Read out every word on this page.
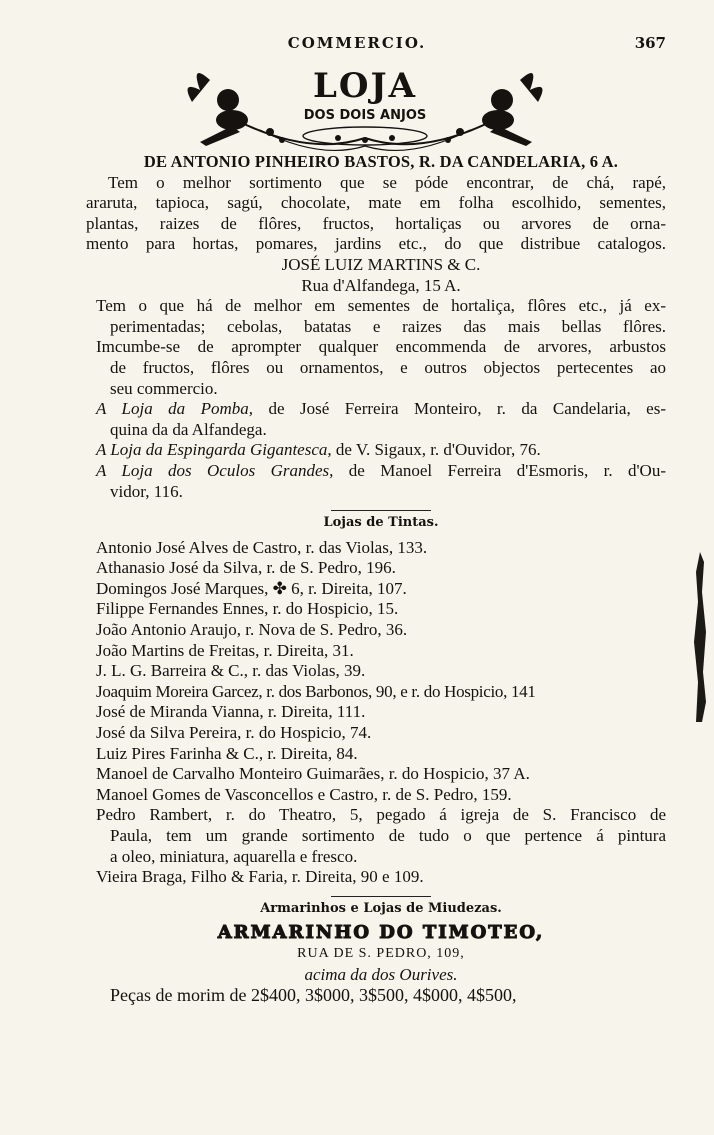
COMMERCIO.	367
LOJA
DOS DOIS ANJOS
DE ANTONIO PINHEIRO BASTOS, R. DA CANDELARIA, 6 A.
Tem o melhor sortimento que se póde encontrar, de chá, rapé,
araruta, tapioca, sagú, chocolate, mate em folha escolhido, sementes,
plantas, raizes de flôres, fructos, hortaliças ou arvores de orna-
mento para hortas, pomares, jardins etc., do que distribue catalogos.
JOSÉ LUIZ MARTINS & C.
Rua d'Alfandega, 15 A.
Tem o que há de melhor em sementes de hortaliça, flôres etc., já ex-
perimentadas; cebolas, batatas e raizes das mais bellas flôres.
Imcumbe-se de aprompter qualquer encommenda de arvores, arbustos
de fructos, flôres ou ornamentos, e outros objectos pertecentes ao
seu commercio.
A Loja da Pomba, de José Ferreira Monteiro, r. da Candelaria, es-
quina da da Alfandega.
A Loja da Espingarda Gigantesca, de V. Sigaux, r. d'Ouvidor, 76.
A Loja dos Oculos Grandes, de Manoel Ferreira d'Esmoris, r. d'Ou-
vidor, 116.
Lojas de Tintas.
Antonio José Alves de Castro, r. das Violas, 133.
Athanasio José da Silva, r. de S. Pedro, 196.
Domingos José Marques, ✤ 6, r. Direita, 107.
Filippe Fernandes Ennes, r. do Hospicio, 15.
João Antonio Araujo, r. Nova de S. Pedro, 36.
João Martins de Freitas, r. Direita, 31.
J. L. G. Barreira & C., r. das Violas, 39.
Joaquim Moreira Garcez, r. dos Barbonos, 90, e r. do Hospicio, 141
José de Miranda Vianna, r. Direita, 111.
José da Silva Pereira, r. do Hospicio, 74.
Luiz Pires Farinha & C., r. Direita, 84.
Manoel de Carvalho Monteiro Guimarães, r. do Hospicio, 37 A.
Manoel Gomes de Vasconcellos e Castro, r. de S. Pedro, 159.
Pedro Rambert, r. do Theatro, 5, pegado á igreja de S. Francisco de
Paula, tem um grande sortimento de tudo o que pertence á pintura
a oleo, miniatura, aquarella e fresco.
Vieira Braga, Filho & Faria, r. Direita, 90 e 109.
Armarinhos e Lojas de Miudezas.
ARMARINHO DO TIMOTEO,
RUA DE S. PEDRO, 109,
acima da dos Ourives.
Peças de morim de 2$400, 3$000, 3$500, 4$000, 4$500,
